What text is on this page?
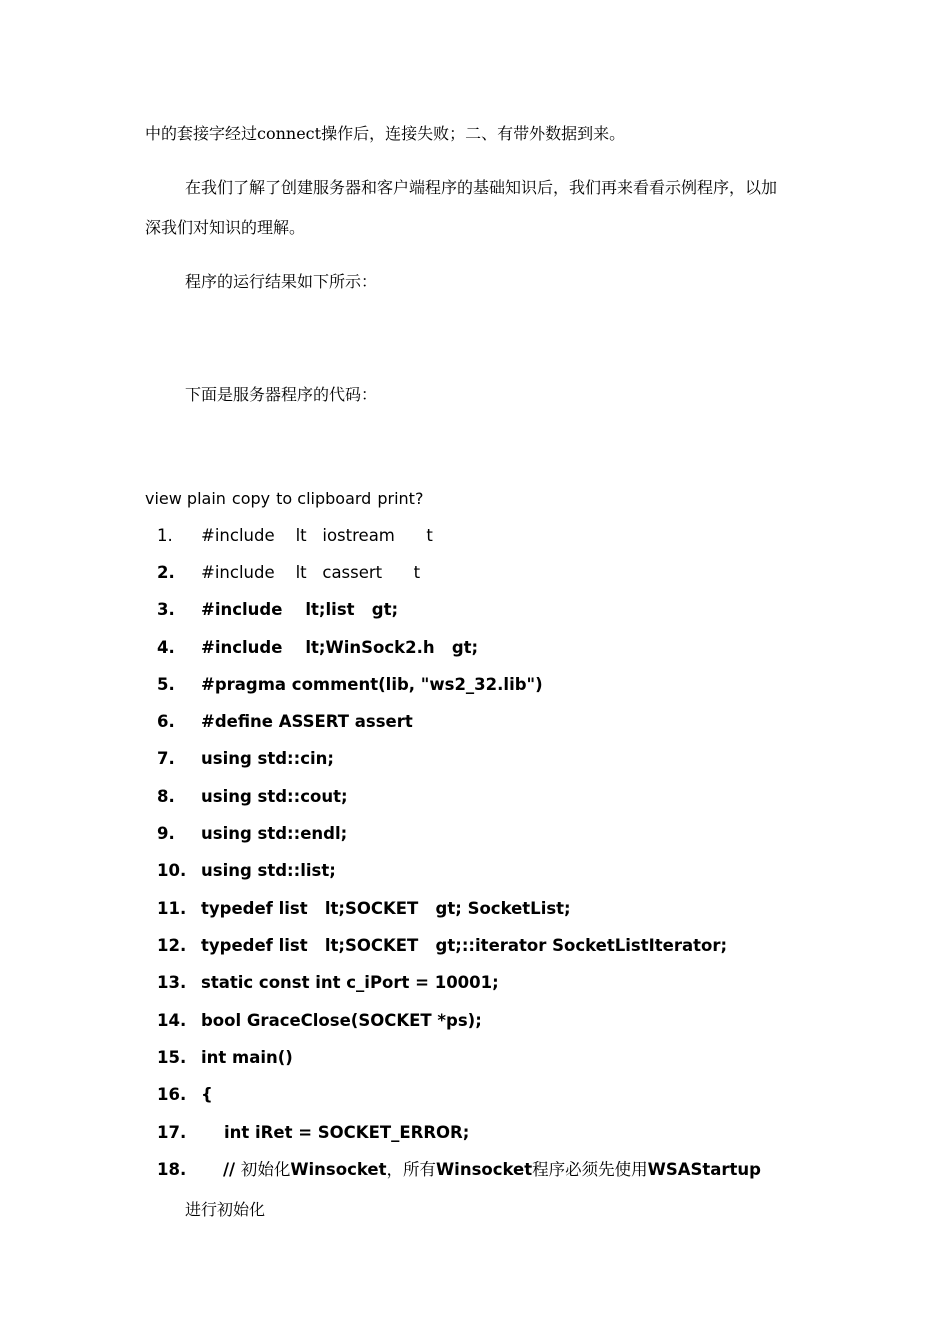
中的套接字经过connect操作后，连接失败；二、有带外数据到来。
在我们了解了创建服务器和客户端程序的基础知识后，我们再来看看示例程序，以加
深我们对知识的理解。
程序的运行结果如下所示：
下面是服务器程序的代码：
view plain copy to clipboard print?
1. #include    lt   iostream      t
2. #include    lt   cassert      t
3. #include    lt;list   gt;
4. #include    lt;WinSock2.h   gt;
5. #pragma comment(lib, "ws2_32.lib")
6. #define ASSERT assert
7. using std::cin;
8. using std::cout;
9. using std::endl;
10. using std::list;
11. typedef list   lt;SOCKET   gt; SocketList;
12. typedef list   lt;SOCKET   gt;::iterator SocketListIterator;
13. static const int c_iPort = 10001;
14. bool GraceClose(SOCKET *ps);
15. int main()
16. {
17.    int iRet = SOCKET_ERROR;
18. // 初始化Winsocket，所有Winsocket程序必须先使用WSAStartup
进行初始化
